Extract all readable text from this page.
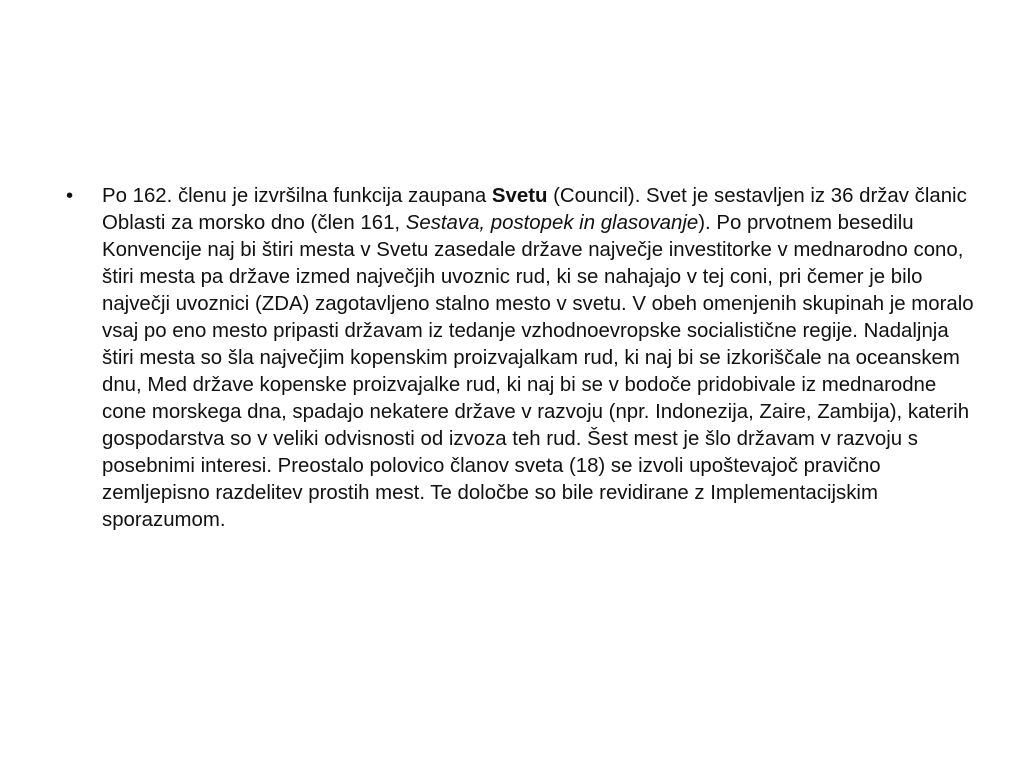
•	Po 162. členu je izvršilna funkcija zaupana Svetu (Council). Svet je sestavljen iz 36 držav članic Oblasti za morsko dno (člen 161, Sestava, postopek in glasovanje). Po prvotnem besedilu Konvencije naj bi štiri mesta v Svetu zasedale države največje investitorke v mednarodno cono, štiri mesta pa države izmed največjih uvoznic rud, ki se nahajajo v tej coni, pri čemer je bilo največji uvoznici (ZDA) zagotavljeno stalno mesto v svetu. V obeh omenjenih skupinah je moralo vsaj po eno mesto pripasti državam iz tedanje vzhodnoevropske socialistične regije. Nadaljnja štiri mesta so šla največjim kopenskim proizvajalkam rud, ki naj bi se izkoriščale na oceanskem dnu, Med države kopenske proizvajalke rud, ki naj bi se v bodoče pridobivale iz mednarodne cone morskega dna, spadajo nekatere države v razvoju (npr. Indonezija, Zaire, Zambija), katerih gospodarstva so v veliki odvisnosti od izvoza teh rud. Šest mest je šlo državam v razvoju s posebnimi interesi. Preostalo polovico članov sveta (18) se izvoli upoštevajoč pravično zemljepisno razdelitev prostih mest. Te določbe so bile revidirane z Implementacijskim sporazumom.
